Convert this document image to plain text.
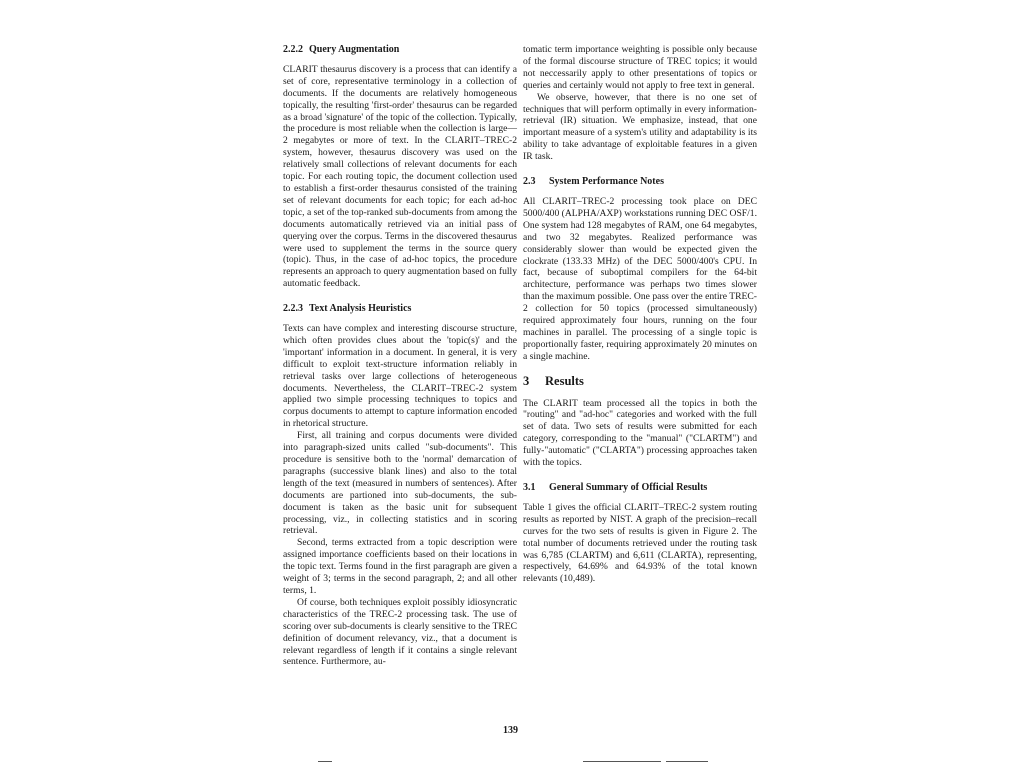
2.2.2 Query Augmentation

CLARIT thesaurus discovery is a process that can identify a set of core, representative terminology in a collection of documents. If the documents are relatively homogeneous topically, the resulting 'first-order' thesaurus can be regarded as a broad 'signature' of the topic of the collection. Typically, the procedure is most reliable when the collection is large—2 megabytes or more of text. In the CLARIT–TREC-2 system, however, thesaurus discovery was used on the relatively small collections of relevant documents for each topic. For each routing topic, the document collection used to establish a first-order thesaurus consisted of the training set of relevant documents for each topic; for each ad-hoc topic, a set of the top-ranked sub-documents from among the documents automatically retrieved via an initial pass of querying over the corpus. Terms in the discovered thesaurus were used to supplement the terms in the source query (topic). Thus, in the case of ad-hoc topics, the procedure represents an approach to query augmentation based on fully automatic feedback.

2.2.3 Text Analysis Heuristics

Texts can have complex and interesting discourse structure, which often provides clues about the 'topic(s)' and the 'important' information in a document. In general, it is very difficult to exploit text-structure information reliably in retrieval tasks over large collections of heterogeneous documents. Nevertheless, the CLARIT–TREC-2 system applied two simple processing techniques to topics and corpus documents to attempt to capture information encoded in rhetorical structure.

First, all training and corpus documents were divided into paragraph-sized units called "sub-documents". This procedure is sensitive both to the 'normal' demarcation of paragraphs (successive blank lines) and also to the total length of the text (measured in numbers of sentences). After documents are partioned into sub-documents, the sub-document is taken as the basic unit for subsequent processing, viz., in collecting statistics and in scoring retrieval.

Second, terms extracted from a topic description were assigned importance coefficients based on their locations in the topic text. Terms found in the first paragraph are given a weight of 3; terms in the second paragraph, 2; and all other terms, 1.

Of course, both techniques exploit possibly idiosyncratic characteristics of the TREC-2 processing task. The use of scoring over sub-documents is clearly sensitive to the TREC definition of document relevancy, viz., that a document is relevant regardless of length if it contains a single relevant sentence. Furthermore, au-

tomatic term importance weighting is possible only because of the formal discourse structure of TREC topics; it would not neccessarily apply to other presentations of topics or queries and certainly would not apply to free text in general.

We observe, however, that there is no one set of techniques that will perform optimally in every information-retrieval (IR) situation. We emphasize, instead, that one important measure of a system's utility and adaptability is its ability to take advantage of exploitable features in a given IR task.

2.3 System Performance Notes

All CLARIT–TREC-2 processing took place on DEC 5000/400 (ALPHA/AXP) workstations running DEC OSF/1. One system had 128 megabytes of RAM, one 64 megabytes, and two 32 megabytes. Realized performance was considerably slower than would be expected given the clockrate (133.33 MHz) of the DEC 5000/400's CPU. In fact, because of suboptimal compilers for the 64-bit architecture, performance was perhaps two times slower than the maximum possible. One pass over the entire TREC-2 collection for 50 topics (processed simultaneously) required approximately four hours, running on the four machines in parallel. The processing of a single topic is proportionally faster, requiring approximately 20 minutes on a single machine.

3 Results

The CLARIT team processed all the topics in both the "routing" and "ad-hoc" categories and worked with the full set of data. Two sets of results were submitted for each category, corresponding to the "manual" ("CLARTM") and fully-"automatic" ("CLARTA") processing approaches taken with the topics.

3.1 General Summary of Official Results

Table 1 gives the official CLARIT–TREC-2 system routing results as reported by NIST. A graph of the precision–recall curves for the two sets of results is given in Figure 2. The total number of documents retrieved under the routing task was 6,785 (CLARTM) and 6,611 (CLARTA), representing, respectively, 64.69% and 64.93% of the total known relevants (10,489).

139
